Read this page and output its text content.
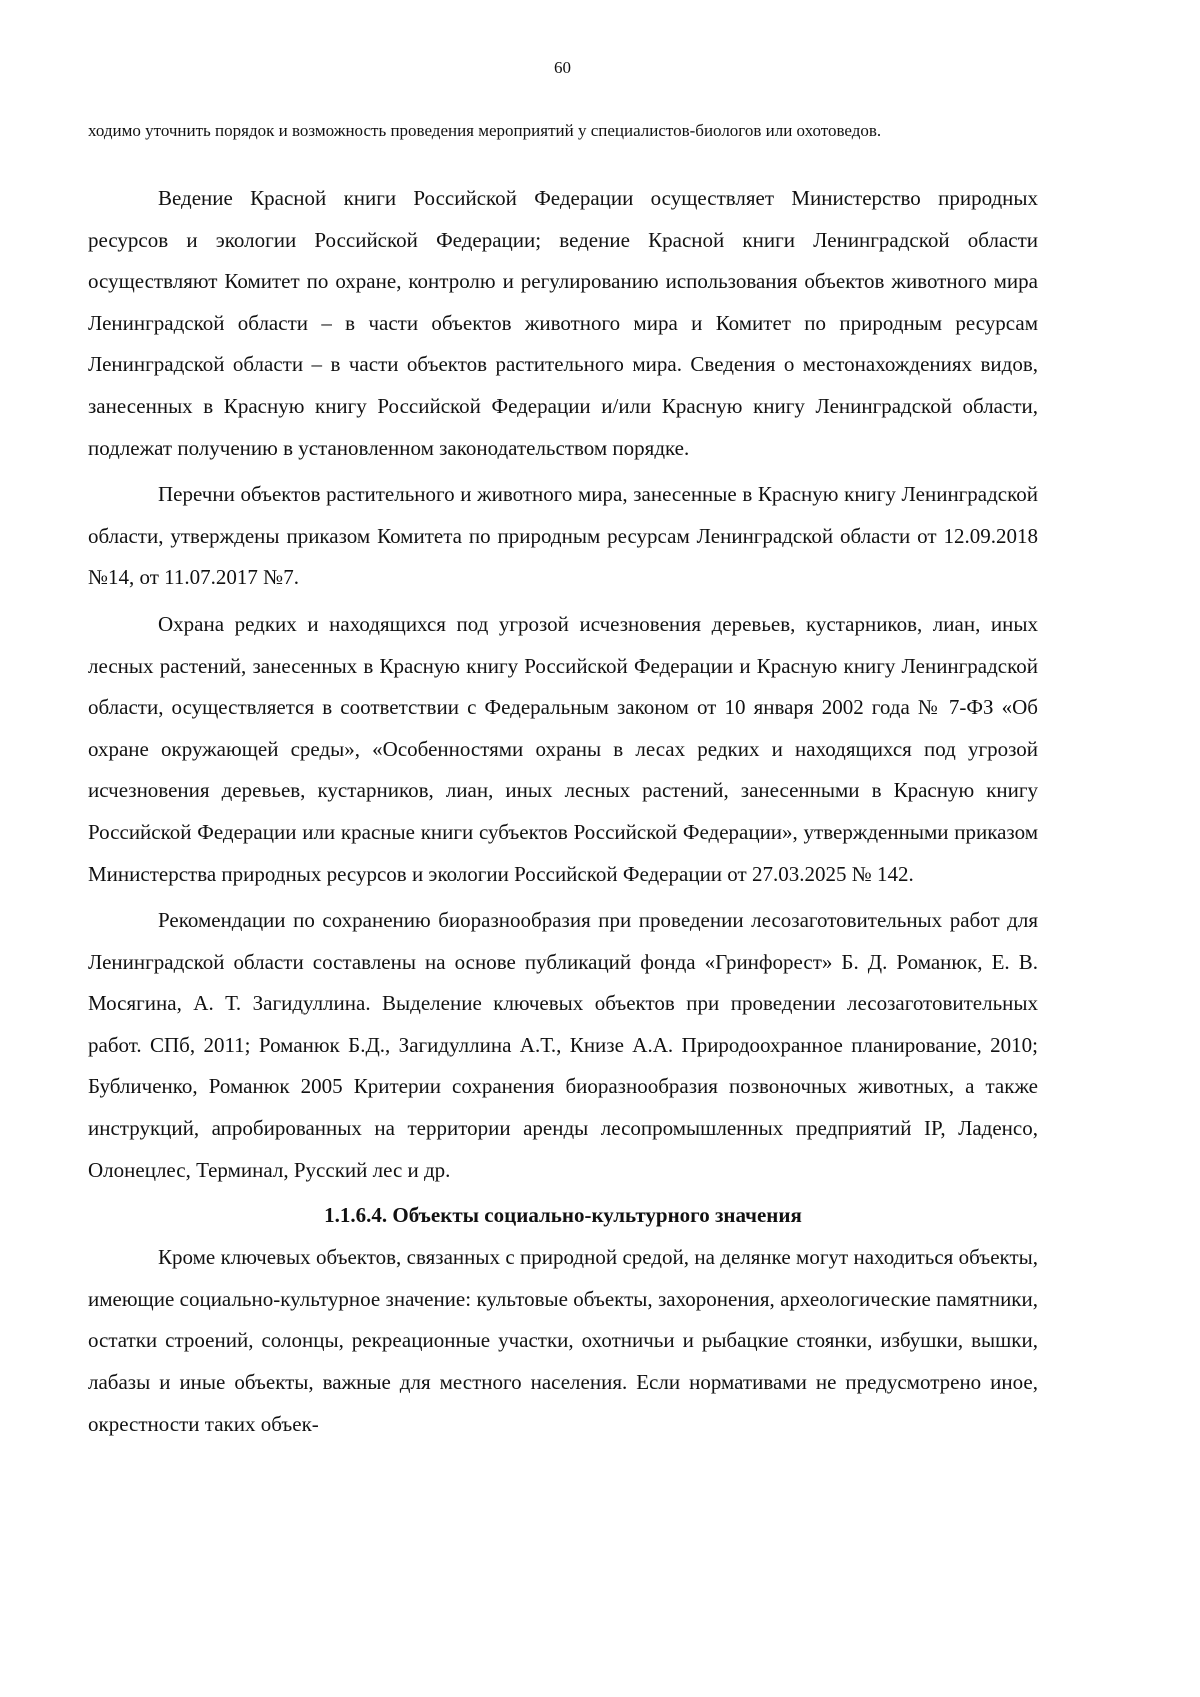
60
ходимо уточнить порядок и возможность проведения мероприятий у специалистов-биологов или охотоведов.

Ведение Красной книги Российской Федерации осуществляет Министерство природных ресурсов и экологии Российской Федерации; ведение Красной книги Ленинградской области осуществляют Комитет по охране, контролю и регулированию использования объектов животного мира Ленинградской области – в части объектов животного мира и Комитет по природным ресурсам Ленинградской области – в части объектов растительного мира. Сведения о местонахождениях видов, занесенных в Красную книгу Российской Федерации и/или Красную книгу Ленинградской области, подлежат получению в установленном законодательством порядке.

Перечни объектов растительного и животного мира, занесенные в Красную книгу Ленинградской области, утверждены приказом Комитета по природным ресурсам Ленинградской области от 12.09.2018 №14, от 11.07.2017 №7.

Охрана редких и находящихся под угрозой исчезновения деревьев, кустарников, лиан, иных лесных растений, занесенных в Красную книгу Российской Федерации и Красную книгу Ленинградской области, осуществляется в соответствии с Федеральным законом от 10 января 2002 года № 7-ФЗ «Об охране окружающей среды», «Особенностями охраны в лесах редких и находящихся под угрозой исчезновения деревьев, кустарников, лиан, иных лесных растений, занесенными в Красную книгу Российской Федерации или красные книги субъектов Российской Федерации», утвержденными приказом Министерства природных ресурсов и экологии Российской Федерации от 27.03.2025 № 142.

Рекомендации по сохранению биоразнообразия при проведении лесозаготовительных работ для Ленинградской области составлены на основе публикаций фонда «Гринфорест» Б. Д. Романюк, Е. В. Мосягина, А. Т. Загидуллина. Выделение ключевых объектов при проведении лесозаготовительных работ. СПб, 2011; Романюк Б.Д., Загидуллина А.Т., Книзе А.А. Природоохранное планирование, 2010; Бубличенко, Романюк 2005 Критерии сохранения биоразнообразия позвоночных животных, а также инструкций, апробированных на территории аренды лесопромышленных предприятий IP, Ладенсо, Олонецлес, Терминал, Русский лес и др.

1.1.6.4. Объекты социально-культурного значения

Кроме ключевых объектов, связанных с природной средой, на делянке могут находиться объекты, имеющие социально-культурное значение: культовые объекты, захоронения, археологические памятники, остатки строений, солонцы, рекреационные участки, охотничьи и рыбацкие стоянки, избушки, вышки, лабазы и иные объекты, важные для местного населения. Если нормативами не предусмотрено иное, окрестности таких объек-
